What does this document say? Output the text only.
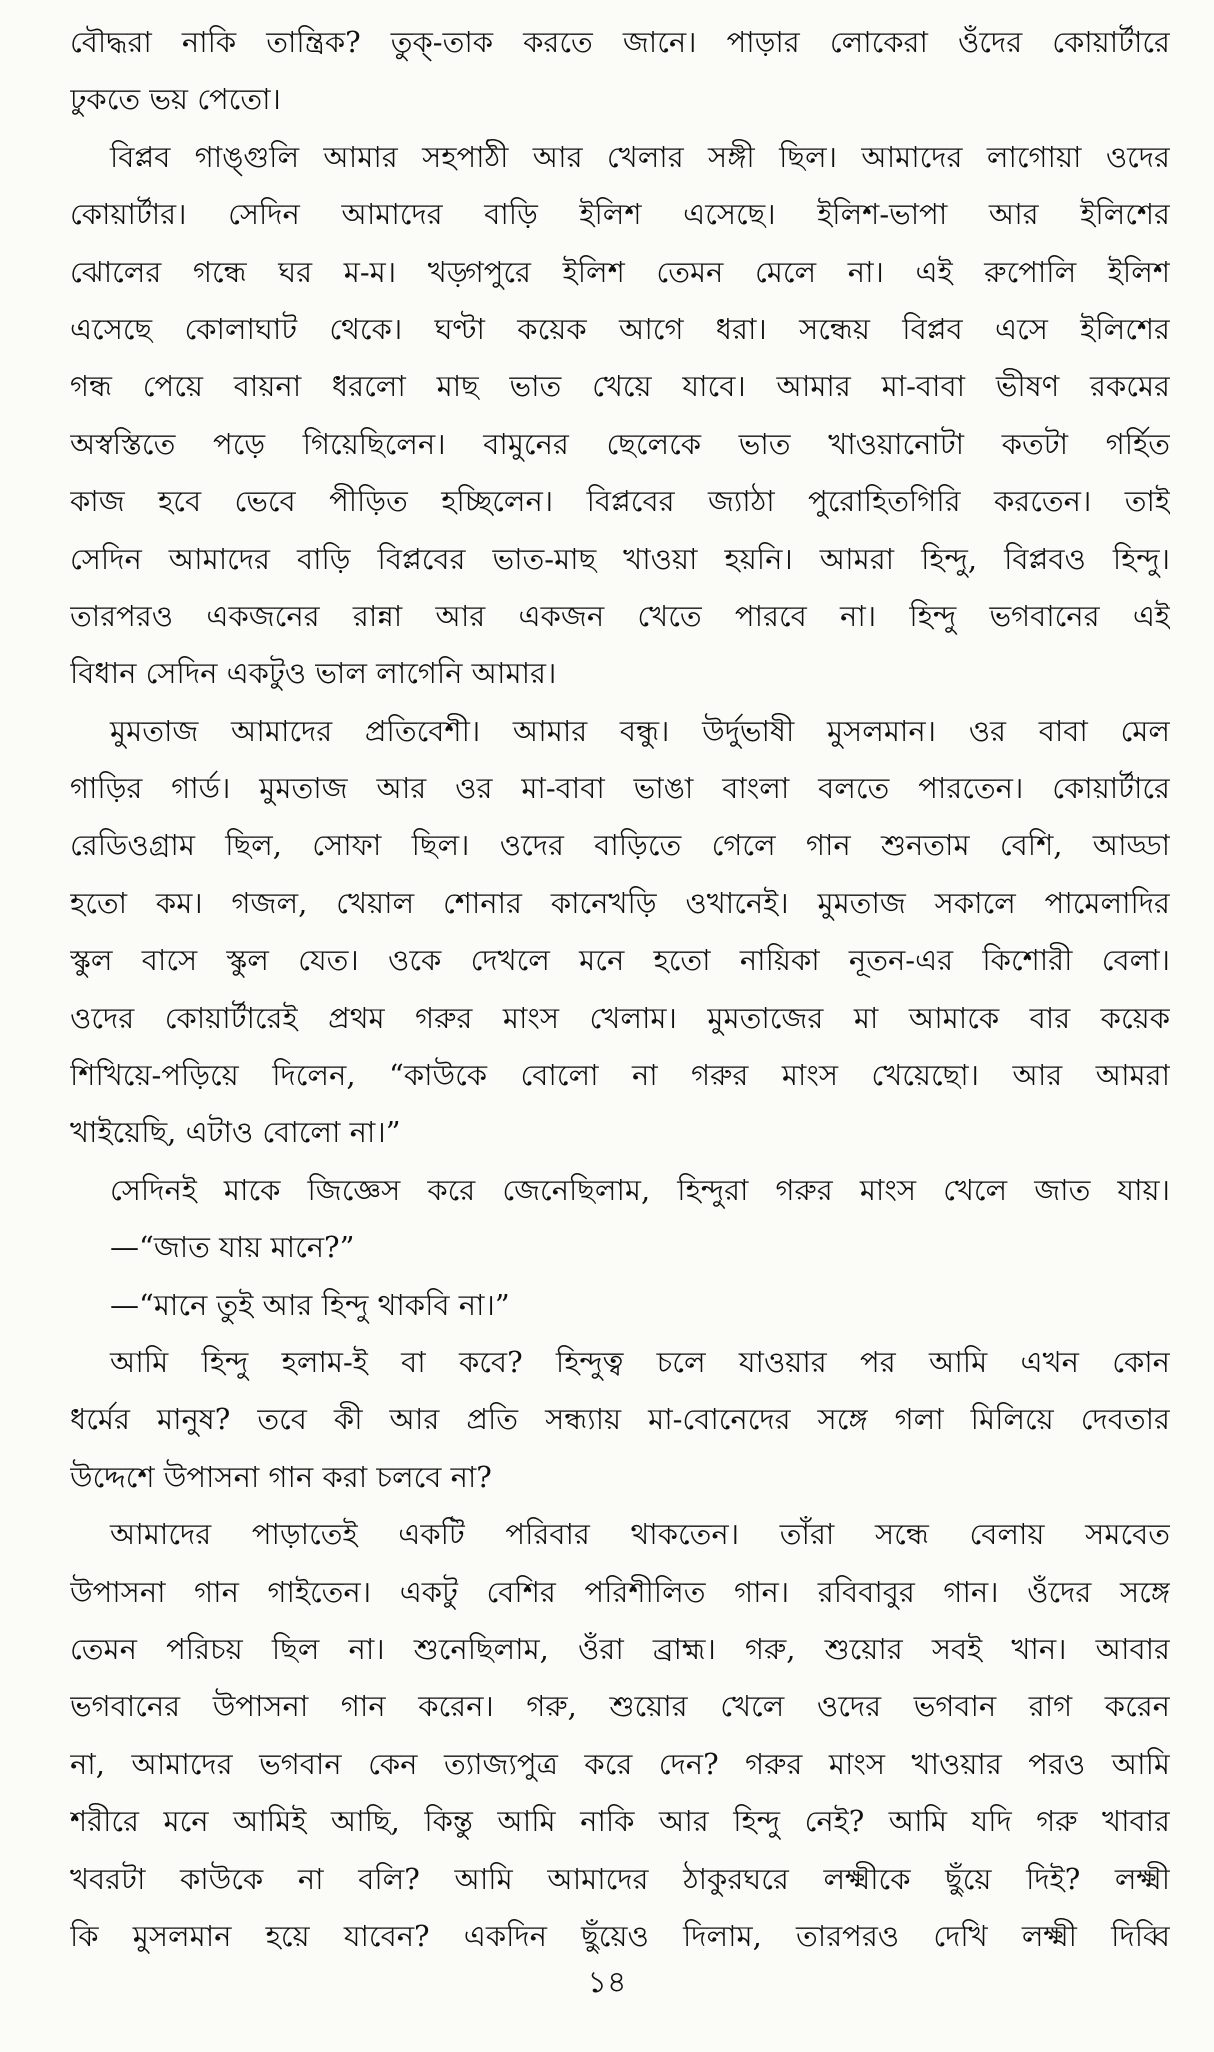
বৌদ্ধরা নাকি তান্ত্রিক? তুক্‌-তাক করতে জানে। পাড়ার লোকেরা ওঁদের কোয়ার্টারে
ঢুকতে ভয় পেতো।
বিপ্লব গাঙ্গুলি আমার সহপাঠী আর খেলার সঙ্গী ছিল। আমাদের লাগোয়া ওদের
কোয়ার্টার। সেদিন আমাদের বাড়ি ইলিশ এসেছে। ইলিশ-ভাপা আর ইলিশের
ঝোলের গন্ধে ঘর ম-ম। খড়্গপুরে ইলিশ তেমন মেলে না। এই রুপোলি ইলিশ
এসেছে কোলাঘাট থেকে। ঘণ্টা কয়েক আগে ধরা। সন্ধেয় বিপ্লব এসে ইলিশের
গন্ধ পেয়ে বায়না ধরলো মাছ ভাত খেয়ে যাবে। আমার মা-বাবা ভীষণ রকমের
অস্বস্তিতে পড়ে গিয়েছিলেন। বামুনের ছেলেকে ভাত খাওয়ানোটা কতটা গর্হিত
কাজ হবে ভেবে পীড়িত হচ্ছিলেন। বিপ্লবের জ্যাঠা পুরোহিতগিরি করতেন। তাই
সেদিন আমাদের বাড়ি বিপ্লবের ভাত-মাছ খাওয়া হয়নি। আমরা হিন্দু, বিপ্লবও হিন্দু।
তারপরও একজনের রান্না আর একজন খেতে পারবে না। হিন্দু ভগবানের এই
বিধান সেদিন একটুও ভাল লাগেনি আমার।
মুমতাজ আমাদের প্রতিবেশী। আমার বন্ধু। উর্দুভাষী মুসলমান। ওর বাবা মেল
গাড়ির গার্ড। মুমতাজ আর ওর মা-বাবা ভাঙা বাংলা বলতে পারতেন। কোয়ার্টারে
রেডিওগ্রাম ছিল, সোফা ছিল। ওদের বাড়িতে গেলে গান শুনতাম বেশি, আড্ডা
হতো কম। গজল, খেয়াল শোনার কানেখড়ি ওখানেই। মুমতাজ সকালে পামেলাদির
স্কুল বাসে স্কুল যেত। ওকে দেখলে মনে হতো নায়িকা নূতন-এর কিশোরী বেলা।
ওদের কোয়ার্টারেই প্রথম গরুর মাংস খেলাম। মুমতাজের মা আমাকে বার কয়েক
শিখিয়ে-পড়িয়ে দিলেন, “কাউকে বোলো না গরুর মাংস খেয়েছো। আর আমরা
খাইয়েছি, এটাও বোলো না।”
সেদিনই মাকে জিজ্ঞেস করে জেনেছিলাম, হিন্দুরা গরুর মাংস খেলে জাত যায়।
—“জাত যায় মানে?”
—“মানে তুই আর হিন্দু থাকবি না।”
আমি হিন্দু হলাম-ই বা কবে? হিন্দুত্ব চলে যাওয়ার পর আমি এখন কোন
ধর্মের মানুষ? তবে কী আর প্রতি সন্ধ্যায় মা-বোনেদের সঙ্গে গলা মিলিয়ে দেবতার
উদ্দেশে উপাসনা গান করা চলবে না?
আমাদের পাড়াতেই একটি পরিবার থাকতেন। তাঁরা সন্ধে বেলায় সমবেত
উপাসনা গান গাইতেন। একটু বেশির পরিশীলিত গান। রবিবাবুর গান। ওঁদের সঙ্গে
তেমন পরিচয় ছিল না। শুনেছিলাম, ওঁরা ব্রাহ্ম। গরু, শুয়োর সবই খান। আবার
ভগবানের উপাসনা গান করেন। গরু, শুয়োর খেলে ওদের ভগবান রাগ করেন
না, আমাদের ভগবান কেন ত্যাজ্যপুত্র করে দেন? গরুর মাংস খাওয়ার পরও আমি
শরীরে মনে আমিই আছি, কিন্তু আমি নাকি আর হিন্দু নেই? আমি যদি গরু খাবার
খবরটা কাউকে না বলি? আমি আমাদের ঠাকুরঘরে লক্ষ্মীকে ছুঁয়ে দিই? লক্ষ্মী
কি মুসলমান হয়ে যাবেন? একদিন ছুঁয়েও দিলাম, তারপরও দেখি লক্ষ্মী দিব্বি
১৪
